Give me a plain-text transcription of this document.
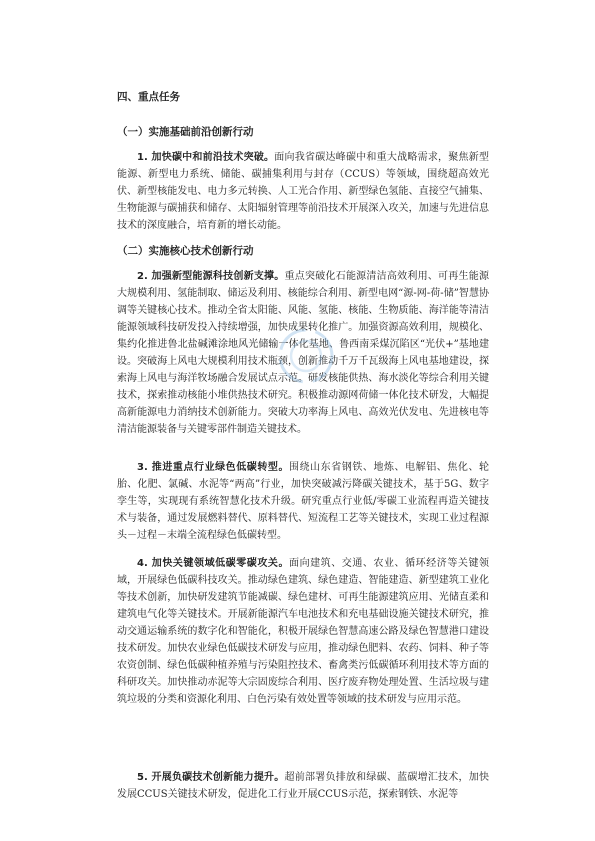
四、重点任务
（一）实施基础前沿创新行动
1. 加快碳中和前沿技术突破。面向我省碳达峰碳中和重大战略需求，聚焦新型能源、新型电力系统、储能、碳捕集利用与封存（CCUS）等领域，围绕超高效光伏、新型核能发电、电力多元转换、人工光合作用、新型绿色氢能、直接空气捕集、生物能源与碳捕获和储存、太阳辐射管理等前沿技术开展深入攻关，加速与先进信息技术的深度融合，培育新的增长动能。
（二）实施核心技术创新行动
2. 加强新型能源科技创新支撑。重点突破化石能源清洁高效利用、可再生能源大规模利用、氢能制取、储运及利用、核能综合利用、新型电网“源-网-荷-储”智慧协调等关键核心技术。推动全省太阳能、风能、氢能、核能、生物质能、海洋能等清洁能源领域科技研发投入持续增强，加快成果转化推广。加强资源高效利用，规模化、集约化推进鲁北盐碱滩涂地风光储输一体化基地、鲁西南采煤沉陷区“光伏+”基地建设。突破海上风电大规模利用技术瓶颈，创新推动千万千瓦级海上风电基地建设，探索海上风电与海洋牧场融合发展试点示范。研发核能供热、海水淡化等综合利用关键技术，探索推动核能小堆供热技术研究。积极推动源网荷储一体化技术研发，大幅提高新能源电力消纳技术创新能力。突破大功率海上风电、高效光伏发电、先进核电等清洁能源装备与关键零部件制造关键技术。
3. 推进重点行业绿色低碳转型。围绕山东省钢铁、地炼、电解铝、焦化、轮胎、化肥、氯碱、水泥等“两高”行业，加快突破减污降碳关键技术，基于5G、数字孪生等，实现现有系统智慧化技术升级。研究重点行业低/零碳工业流程再造关键技术与装备，通过发展燃料替代、原料替代、短流程工艺等关键技术，实现工业过程源头－过程－末端全流程绿色低碳转型。
4. 加快关键领域低碳零碳攻关。面向建筑、交通、农业、循环经济等关键领域，开展绿色低碳科技攻关。推动绿色建筑、绿色建造、智能建造、新型建筑工业化等技术创新，加快研发建筑节能减碳、绿色建材、可再生能源建筑应用、光储直柔和建筑电气化等关键技术。开展新能源汽车电池技术和充电基础设施关键技术研究，推动交通运输系统的数字化和智能化，积极开展绿色智慧高速公路及绿色智慧港口建设技术研发。加快农业绿色低碳技术研发与应用，推动绿色肥料、农药、饲料、种子等农资创制、绿色低碳种植养殖与污染阻控技术、畜禽类污低碳循环利用技术等方面的科研攻关。加快推动赤泥等大宗固废综合利用、医疗废弃物处理处置、生活垃圾与建筑垃圾的分类和资源化利用、白色污染有效处置等领域的技术研发与应用示范。
5. 开展负碳技术创新能力提升。超前部署负排放和绿碳、蓝碳增汇技术，加快发展CCUS关键技术研发，促进化工行业开展CCUS示范，探索钢铁、水泥等
